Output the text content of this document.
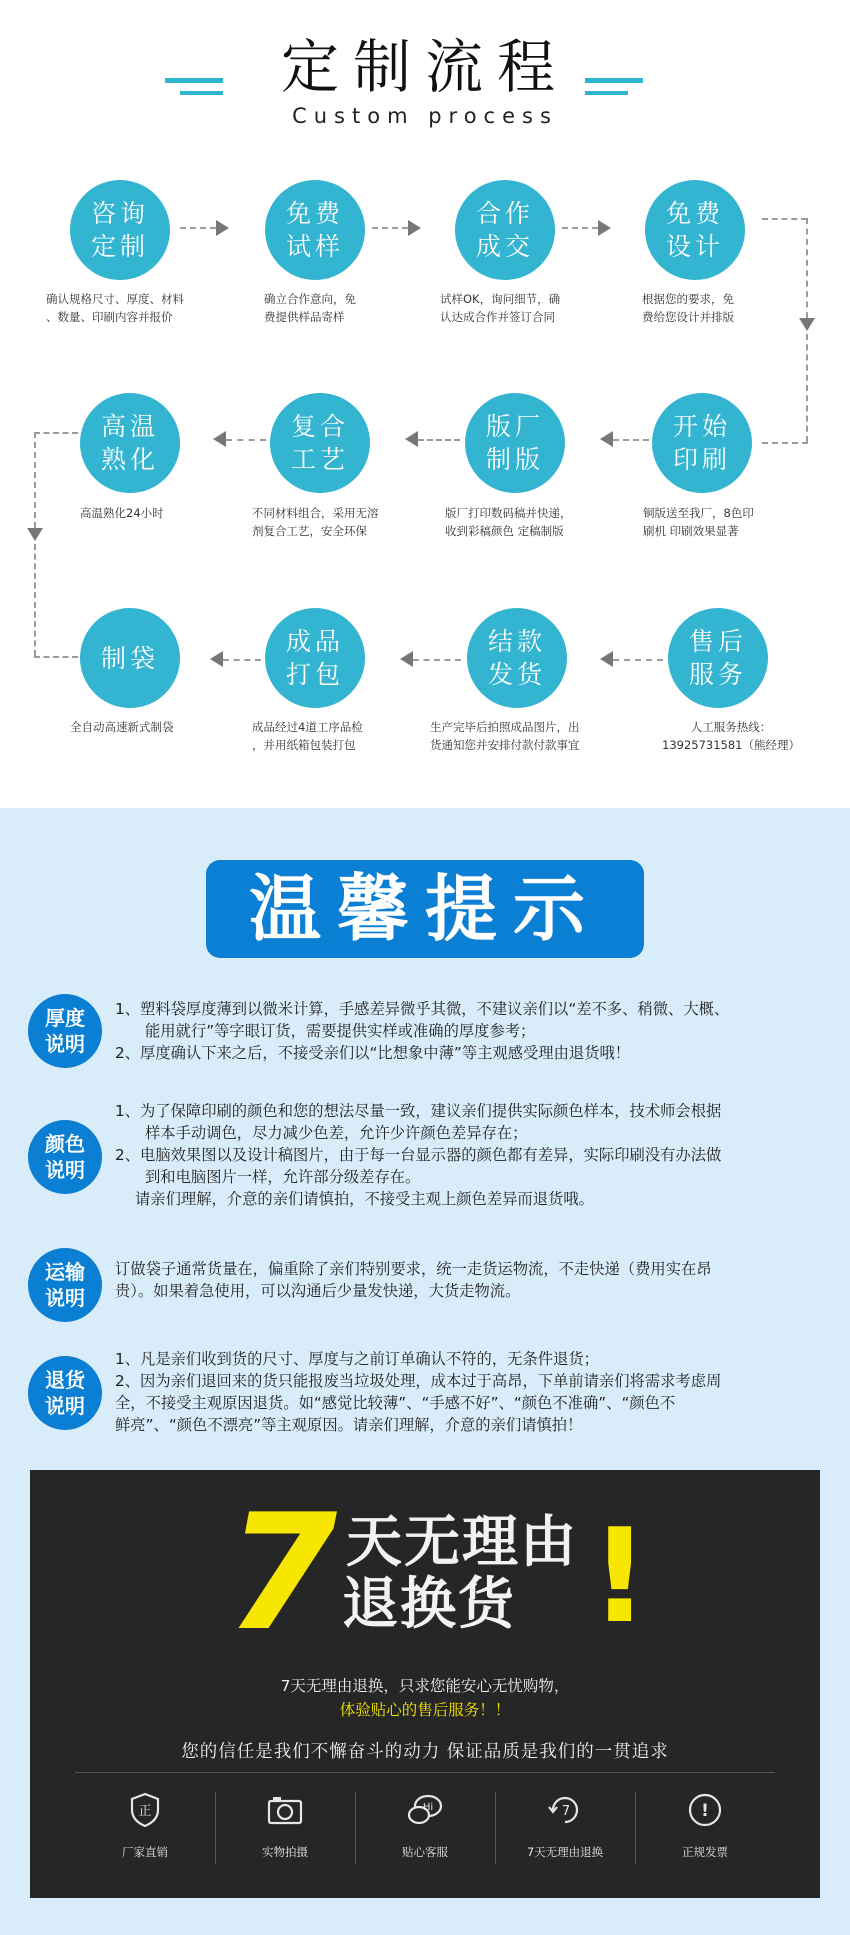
定制流程
Custom process
咨询
定制
确认规格尺寸、厚度、材料
、数量、印刷内容并报价
免费
试样
确立合作意向，免
费提供样品寄样
合作
成交
试样OK，询问细节，确
认达成合作并签订合同
免费
设计
根据您的要求，免
费给您设计并排版
开始
印刷
铜版送至我厂，8色印
刷机 印刷效果显著
版厂
制版
版厂打印数码稿并快递，
收到彩稿颜色 定稿制版
复合
工艺
不同材料组合，采用无溶
剂复合工艺，安全环保
高温
熟化
高温熟化24小时
售后
服务
人工服务热线：
13925731581（熊经理）
结款
发货
生产完毕后拍照成品图片，出
货通知您并安排付款付款事宜
成品
打包
成品经过4道工序品检
，并用纸箱包装打包
制袋
全自动高速新式制袋
温馨提示
厚度
说明
1、塑料袋厚度薄到以微米计算，手感差异微乎其微，不建议亲们以“差不多、稍微、大概、
能用就行”等字眼订货，需要提供实样或准确的厚度参考；
2、厚度确认下来之后，不接受亲们以“比想象中薄”等主观感受理由退货哦！
颜色
说明
1、为了保障印刷的颜色和您的想法尽量一致，建议亲们提供实际颜色样本，技术师会根据
样本手动调色，尽力减少色差，允许少许颜色差异存在；
2、电脑效果图以及设计稿图片，由于每一台显示器的颜色都有差异，实际印刷没有办法做
到和电脑图片一样，允许部分级差存在。
请亲们理解，介意的亲们请慎拍，不接受主观上颜色差异而退货哦。
运输
说明
订做袋子通常货量在，偏重除了亲们特别要求，统一走货运物流，不走快递（费用实在昂
贵）。如果着急使用，可以沟通后少量发快递，大货走物流。
退货
说明
1、凡是亲们收到货的尺寸、厚度与之前订单确认不符的，无条件退货；
2、因为亲们退回来的货只能报废当垃圾处理，成本过于高昂，下单前请亲们将需求考虑周
全，不接受主观原因退货。如“感觉比较薄”、“手感不好”、“颜色不准确”、“颜色不
鲜亮”、“颜色不漂亮”等主观原因。请亲们理解，介意的亲们请慎拍！
7 天无理由
退换货 !
7天无理由退换，只求您能安心无忧购物，
体验贴心的售后服务！！
您的信任是我们不懈奋斗的动力 保证品质是我们的一贯追求
正
厂家直销	实物拍摄
Hi
贴心客服
7
7天无理由退换
!
正规发票
